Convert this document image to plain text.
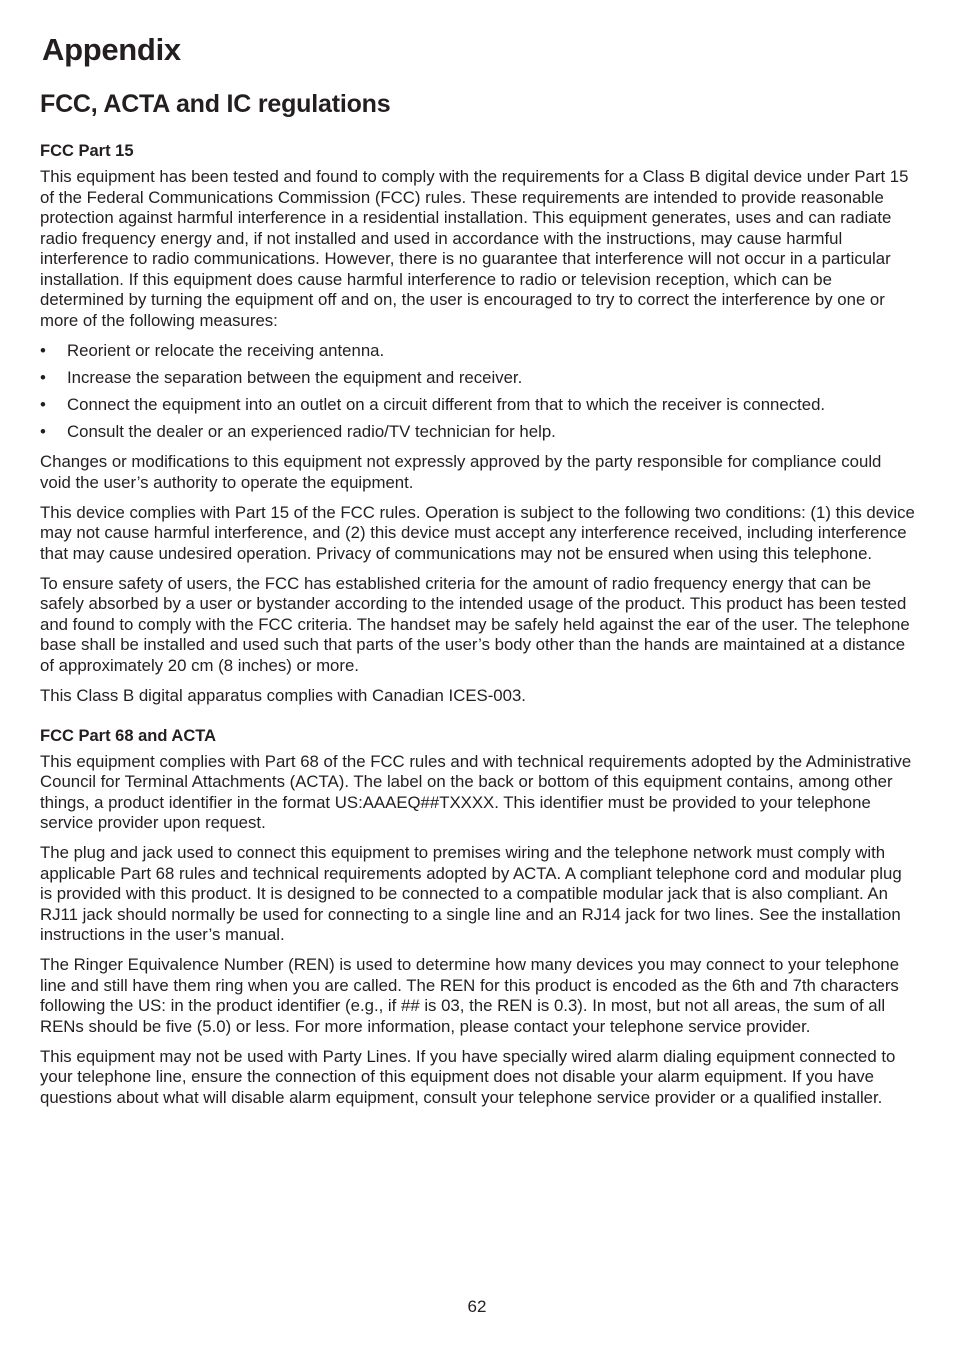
Appendix
FCC, ACTA and IC regulations
FCC Part 15

This equipment has been tested and found to comply with the requirements for a Class B digital device under Part 15 of the Federal Communications Commission (FCC) rules. These requirements are intended to provide reasonable protection against harmful interference in a residential installation. This equipment generates, uses and can radiate radio frequency energy and, if not installed and used in accordance with the instructions, may cause harmful interference to radio communications. However, there is no guarantee that interference will not occur in a particular installation. If this equipment does cause harmful interference to radio or television reception, which can be determined by turning the equipment off and on, the user is encouraged to try to correct the interference by one or more of the following measures:

• Reorient or relocate the receiving antenna.
• Increase the separation between the equipment and receiver.
• Connect the equipment into an outlet on a circuit different from that to which the receiver is connected.
• Consult the dealer or an experienced radio/TV technician for help.

Changes or modifications to this equipment not expressly approved by the party responsible for compliance could void the user’s authority to operate the equipment.

This device complies with Part 15 of the FCC rules. Operation is subject to the following two conditions: (1) this device may not cause harmful interference, and (2) this device must accept any interference received, including interference that may cause undesired operation. Privacy of communications may not be ensured when using this telephone.

To ensure safety of users, the FCC has established criteria for the amount of radio frequency energy that can be safely absorbed by a user or bystander according to the intended usage of the product. This product has been tested and found to comply with the FCC criteria. The handset may be safely held against the ear of the user. The telephone base shall be installed and used such that parts of the user’s body other than the hands are maintained at a distance of approximately 20 cm (8 inches) or more.

This Class B digital apparatus complies with Canadian ICES-003.

FCC Part 68 and ACTA

This equipment complies with Part 68 of the FCC rules and with technical requirements adopted by the Administrative Council for Terminal Attachments (ACTA). The label on the back or bottom of this equipment contains, among other things, a product identifier in the format US:AAAEQ##TXXXX. This identifier must be provided to your telephone service provider upon request.

The plug and jack used to connect this equipment to premises wiring and the telephone network must comply with applicable Part 68 rules and technical requirements adopted by ACTA. A compliant telephone cord and modular plug is provided with this product. It is designed to be connected to a compatible modular jack that is also compliant. An RJ11 jack should normally be used for connecting to a single line and an RJ14 jack for two lines. See the installation instructions in the user’s manual.

The Ringer Equivalence Number (REN) is used to determine how many devices you may connect to your telephone line and still have them ring when you are called. The REN for this product is encoded as the 6th and 7th characters following the US: in the product identifier (e.g., if ## is 03, the REN is 0.3). In most, but not all areas, the sum of all RENs should be five (5.0) or less. For more information, please contact your telephone service provider.

This equipment may not be used with Party Lines. If you have specially wired alarm dialing equipment connected to your telephone line, ensure the connection of this equipment does not disable your alarm equipment. If you have questions about what will disable alarm equipment, consult your telephone service provider or a qualified installer.

62
